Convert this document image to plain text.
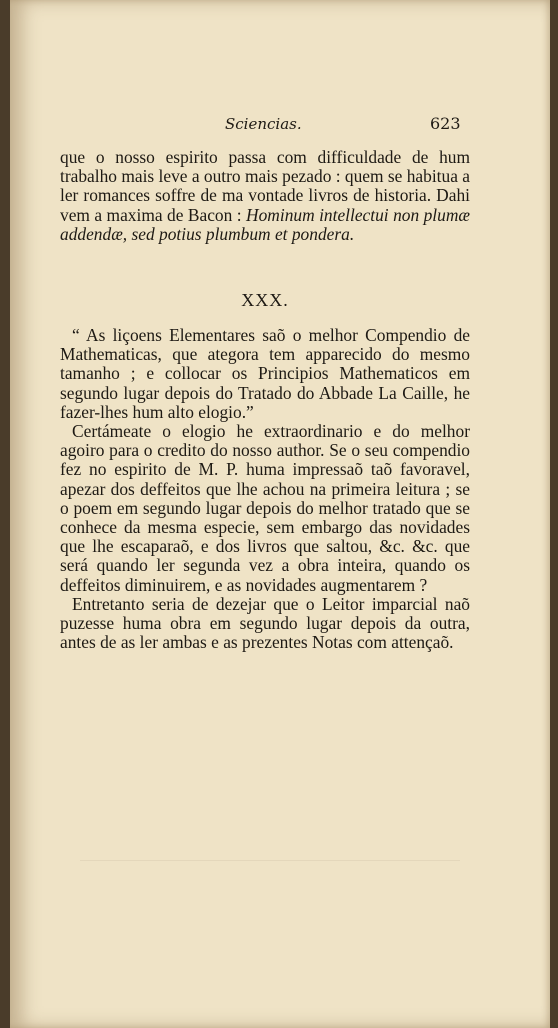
Sciencias.	623

que o nosso espirito passa com difficuldade de hum trabalho mais leve a outro mais pezado : quem se habitua a ler romances soffre de ma vontade livros de historia. Dahi vem a maxima de Bacon : Hominum intellectui non plumæ addendæ, sed potius plumbum et pondera.

XXX.

“ As liçoens Elementares saõ o melhor Compendio de Mathematicas, que ategora tem apparecido do mesmo tamanho ; e collocar os Principios Mathematicos em segundo lugar depois do Tratado do Abbade La Caille, he fazer-lhes hum alto elogio.”

Certámeate o elogio he extraordinario e do melhor agoiro para o credito do nosso author. Se o seu compendio fez no espirito de M. P. huma impressaõ taõ favoravel, apezar dos deffeitos que lhe achou na primeira leitura ; se o poem em segundo lugar depois do melhor tratado que se conhece da mesma especie, sem embargo das novidades que lhe escaparaõ, e dos livros que saltou, &c. &c. que será quando ler segunda vez a obra inteira, quando os deffeitos diminuirem, e as novidades augmentarem ?

Entretanto seria de dezejar que o Leitor imparcial naõ puzesse huma obra em segundo lugar depois da outra, antes de as ler ambas e as prezentes Notas com attençaõ.
